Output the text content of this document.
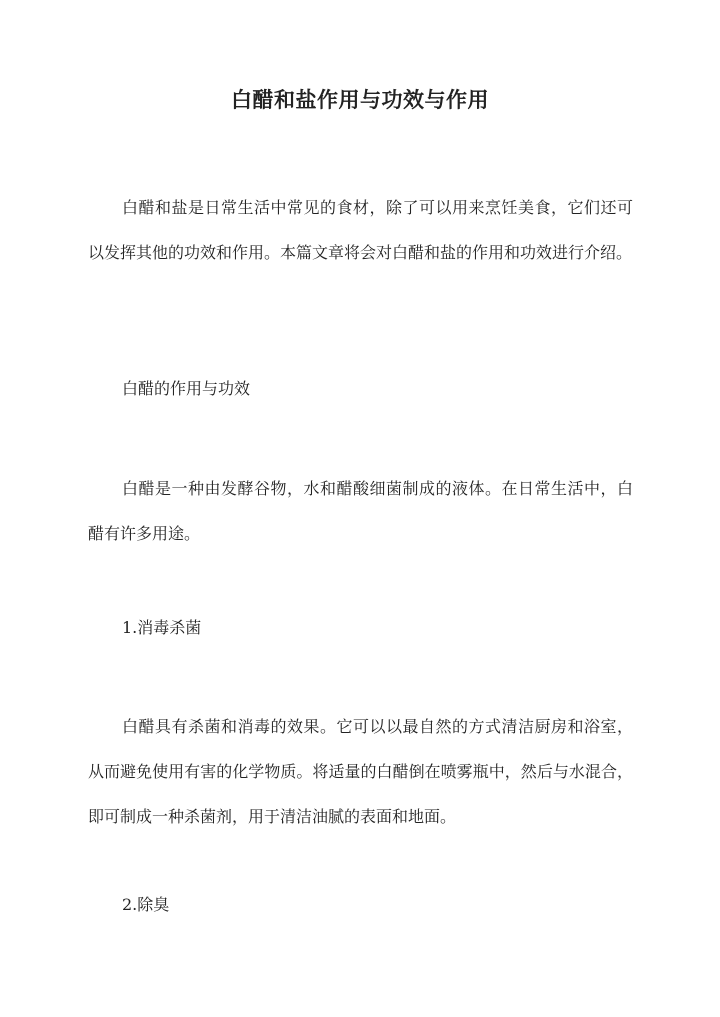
白醋和盐作用与功效与作用

白醋和盐是日常生活中常见的食材，除了可以用来烹饪美食，它们还可以发挥其他的功效和作用。本篇文章将会对白醋和盐的作用和功效进行介绍。

白醋的作用与功效

白醋是一种由发酵谷物，水和醋酸细菌制成的液体。在日常生活中，白醋有许多用途。

1.消毒杀菌

白醋具有杀菌和消毒的效果。它可以以最自然的方式清洁厨房和浴室，从而避免使用有害的化学物质。将适量的白醋倒在喷雾瓶中，然后与水混合，即可制成一种杀菌剂，用于清洁油腻的表面和地面。

2.除臭
